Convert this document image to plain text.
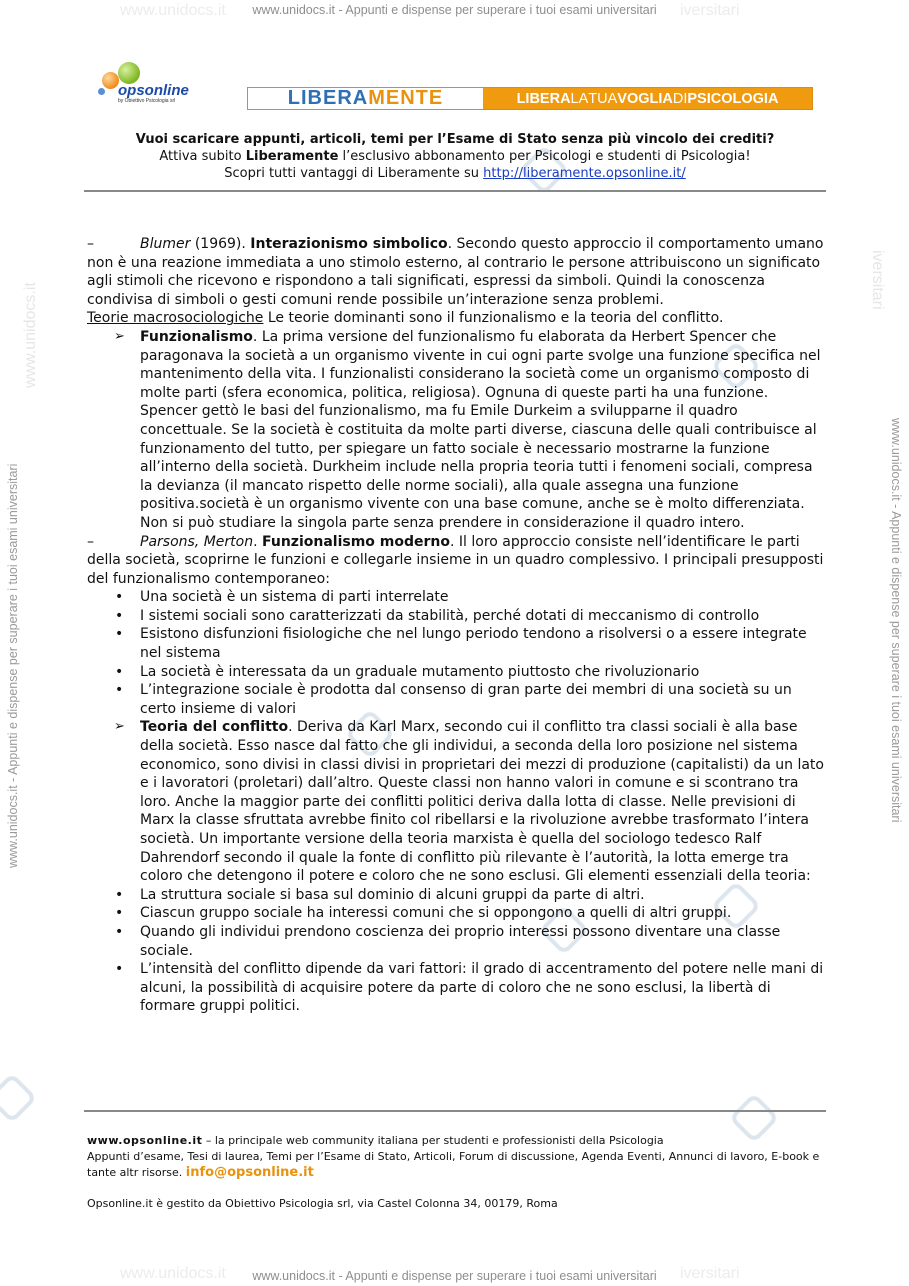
www.unidocs.it	iversitari
www.unidocs.it - Appunti e dispense per superare i tuoi esami universitari
www.unidocs.it	iversitari
www.unidocs.it - Appunti e dispense per superare i tuoi esami universitari
www.unidocs.it - Appunti e dispense per superare i tuoi esami universitari	www.unidocs.it - Appunti e dispense per superare i tuoi esami universitari
www.unidocs.it
iversitari
opsonline
by Obiettivo Psicologia srl	LIBERA MENTE	LIBERA LA TUA VOGLIA DI PSICOLOGIA
Vuoi scaricare appunti, articoli, temi per l’Esame di Stato senza più vincolo dei crediti?
Attiva subito Liberamente l’esclusivo abbonamento per Psicologi e studenti di Psicologia!
Scopri tutti vantaggi di Liberamente su http://liberamente.opsonline.it/

–	Blumer (1969). Interazionismo simbolico. Secondo questo approccio il comportamento umano non è una reazione immediata a uno stimolo esterno, al contrario le persone attribuiscono un significato agli stimoli che ricevono e rispondono a tali significati, espressi da simboli. Quindi la conoscenza condivisa di simboli o gesti comuni rende possibile un’interazione senza problemi.

Teorie macrosociologiche Le teorie dominanti sono il funzionalismo e la teoria del conflitto.

➢ Funzionalismo. La prima versione del funzionalismo fu elaborata da Herbert Spencer che paragonava la società a un organismo vivente in cui ogni parte svolge una funzione specifica nel mantenimento della vita. I funzionalisti considerano la società come un organismo composto di molte parti (sfera economica, politica, religiosa). Ognuna di queste parti ha una funzione. Spencer gettò le basi del funzionalismo, ma fu Emile Durkeim a svilupparne il quadro concettuale. Se la società è costituita da molte parti diverse, ciascuna delle quali contribuisce al funzionamento del tutto, per spiegare un fatto sociale è necessario mostrarne la funzione all’interno della società. Durkheim include nella propria teoria tutti i fenomeni sociali, compresa la devianza (il mancato rispetto delle norme sociali), alla quale assegna una funzione positiva.società è un organismo vivente con una base comune, anche se è molto differenziata. Non si può studiare la singola parte senza prendere in considerazione il quadro intero.

–	Parsons, Merton. Funzionalismo moderno. Il loro approccio consiste nell’identificare le parti della società, scoprirne le funzioni e collegarle insieme in un quadro complessivo. I principali presupposti del funzionalismo contemporaneo:

• Una società è un sistema di parti interrelate
• I sistemi sociali sono caratterizzati da stabilità, perché dotati di meccanismo di controllo
• Esistono disfunzioni fisiologiche che nel lungo periodo tendono a risolversi o a essere integrate nel sistema
• La società è interessata da un graduale mutamento piuttosto che rivoluzionario
• L’integrazione sociale è prodotta dal consenso di gran parte dei membri di una società su un certo insieme di valori
➢ Teoria del conflitto. Deriva da Karl Marx, secondo cui il conflitto tra classi sociali è alla base della società. Esso nasce dal fatto che gli individui, a seconda della loro posizione nel sistema economico, sono divisi in classi divisi in proprietari dei mezzi di produzione (capitalisti) da un lato e i lavoratori (proletari) dall’altro. Queste classi non hanno valori in comune e si scontrano tra loro. Anche la maggior parte dei conflitti politici deriva dalla lotta di classe. Nelle previsioni di Marx la classe sfruttata avrebbe finito col ribellarsi e la rivoluzione avrebbe trasformato l’intera società. Un importante versione della teoria marxista è quella del sociologo tedesco Ralf Dahrendorf secondo il quale la fonte di conflitto più rilevante è l’autorità, la lotta emerge tra coloro che detengono il potere e coloro che ne sono esclusi. Gli elementi essenziali della teoria:
• La struttura sociale si basa sul dominio di alcuni gruppi da parte di altri.
• Ciascun gruppo sociale ha interessi comuni che si oppongono a quelli di altri gruppi.
• Quando gli individui prendono coscienza dei proprio interessi possono diventare una classe sociale.
• L’intensità del conflitto dipende da vari fattori: il grado di accentramento del potere nelle mani di alcuni, la possibilità di acquisire potere da parte di coloro che ne sono esclusi, la libertà di formare gruppi politici.
www.opsonline.it – la principale web community italiana per studenti e professionisti della Psicologia
Appunti d’esame, Tesi di laurea, Temi per l’Esame di Stato, Articoli, Forum di discussione, Agenda Eventi, Annunci di lavoro, E-book e tante altr risorse. info@opsonline.it
Opsonline.it è gestito da Obiettivo Psicologia srl, via Castel Colonna 34, 00179, Roma
